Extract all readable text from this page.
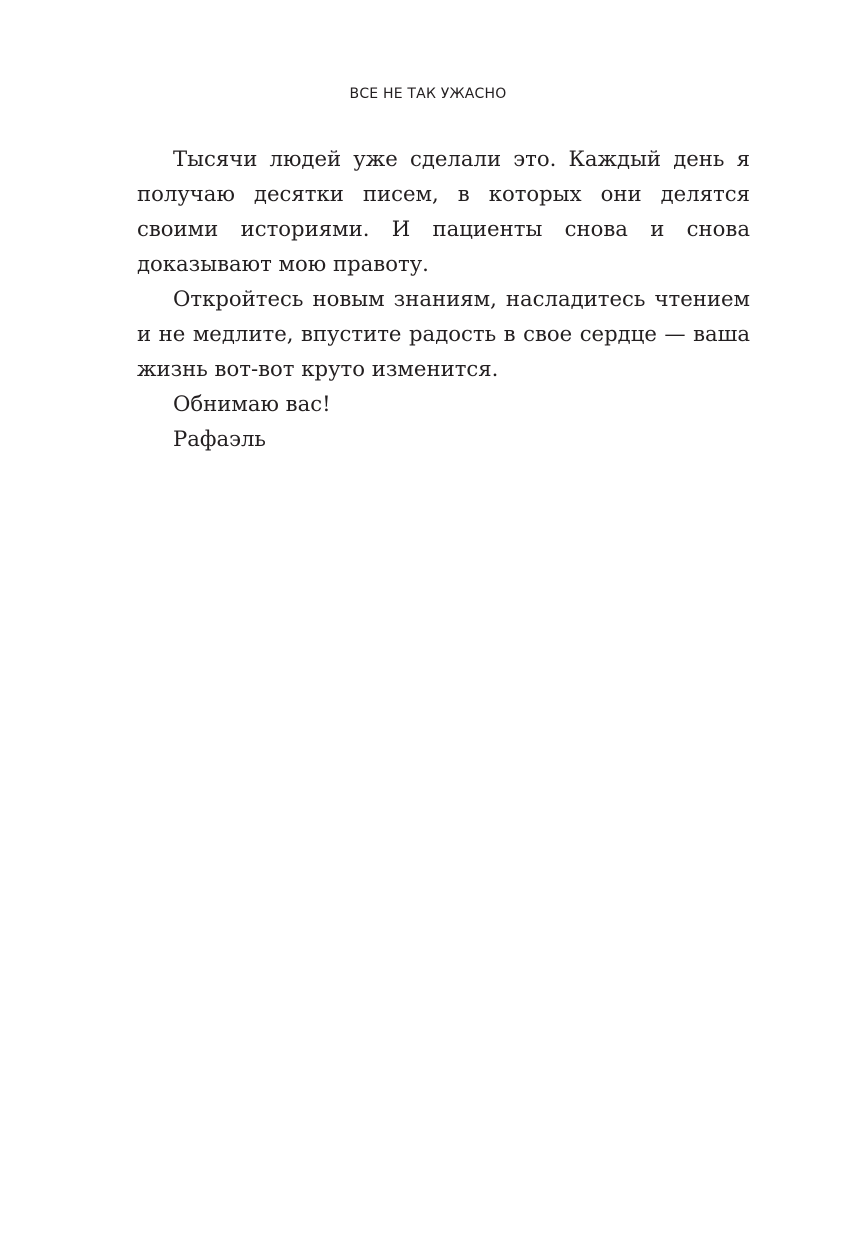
ВСЕ НЕ ТАК УЖАСНО

Тысячи людей уже сделали это. Каждый день я получаю десятки писем, в которых они делятся своими историями. И пациенты снова и снова доказывают мою правоту.

Откройтесь новым знаниям, насладитесь чтением и не медлите, впустите радость в свое сердце — ваша жизнь вот-вот круто изменится.

Обнимаю вас!

Рафаэль
